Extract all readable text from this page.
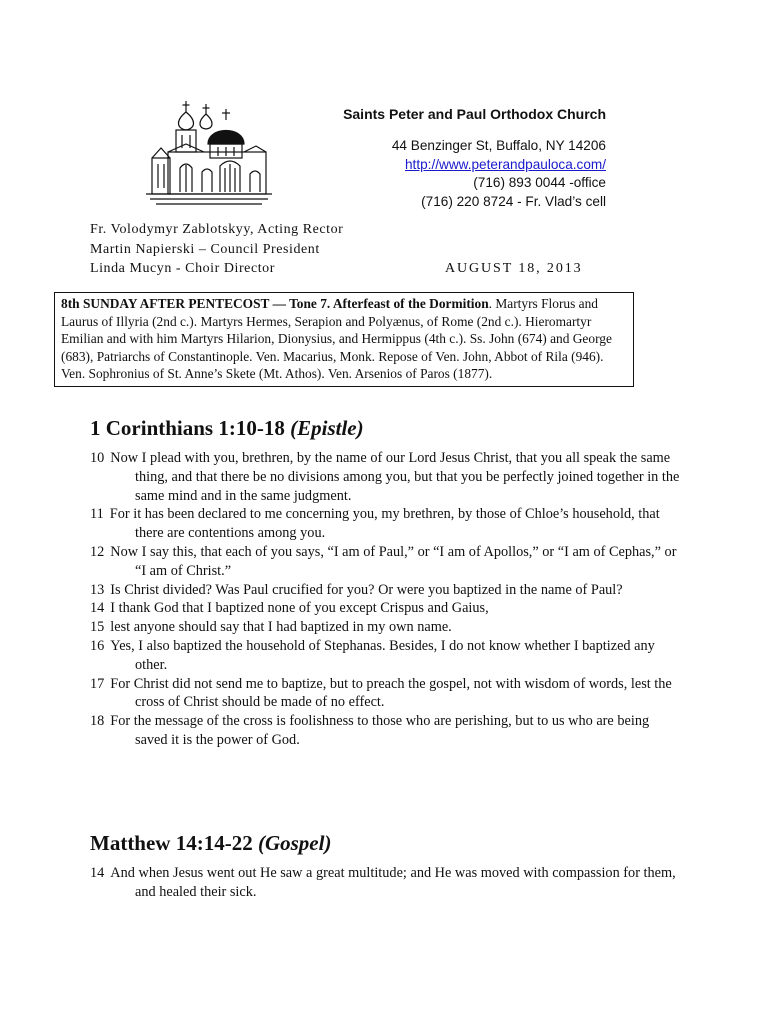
Saints Peter and Paul Orthodox Church
44 Benzinger St, Buffalo, NY 14206
http://www.peterandpauloca.com/
(716) 893 0044 -office
(716) 220 8724 - Fr. Vlad’s cell
Fr. Volodymyr Zablotskyy, Acting Rector
Martin Napierski – Council President
Linda Mucyn - Choir Director	AUGUST 18, 2013
8th SUNDAY AFTER PENTECOST — Tone 7. Afterfeast of the Dormition. Martyrs Florus and Laurus of Illyria (2nd c.). Martyrs Hermes, Serapion and Polyænus, of Rome (2nd c.). Hieromartyr Emilian and with him Martyrs Hilarion, Dionysius, and Hermippus (4th c.). Ss. John (674) and George (683), Patriarchs of Constantinople. Ven. Macarius, Monk. Repose of Ven. John, Abbot of Rila (946). Ven. Sophronius of St. Anne’s Skete (Mt. Athos). Ven. Arsenios of Paros (1877).
1 Corinthians 1:10-18 (Epistle)

10 Now I plead with you, brethren, by the name of our Lord Jesus Christ, that you all speak the same thing, and that there be no divisions among you, but that you be perfectly joined together in the same mind and in the same judgment.

11 For it has been declared to me concerning you, my brethren, by those of Chloe’s household, that there are contentions among you.

12 Now I say this, that each of you says, “I am of Paul,” or “I am of Apollos,” or “I am of Cephas,” or “I am of Christ.”

13 Is Christ divided? Was Paul crucified for you? Or were you baptized in the name of Paul?

14 I thank God that I baptized none of you except Crispus and Gaius,

15 lest anyone should say that I had baptized in my own name.

16 Yes, I also baptized the household of Stephanas. Besides, I do not know whether I baptized any other.

17 For Christ did not send me to baptize, but to preach the gospel, not with wisdom of words, lest the cross of Christ should be made of no effect.

18 For the message of the cross is foolishness to those who are perishing, but to us who are being saved it is the power of God.

Matthew 14:14-22 (Gospel)

14 And when Jesus went out He saw a great multitude; and He was moved with compassion for them, and healed their sick.
